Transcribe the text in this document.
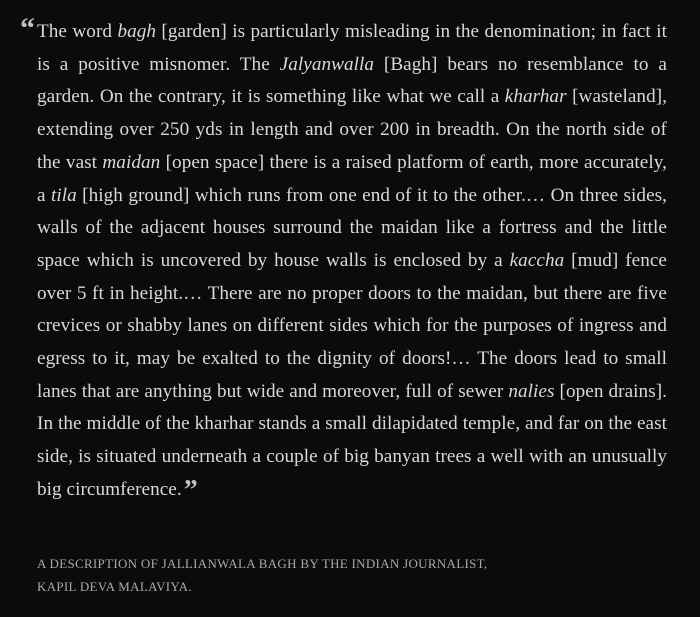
“ The word bagh [garden] is particularly misleading in the denomination; in fact it is a positive misnomer. The Jalyanwalla [Bagh] bears no resemblance to a garden. On the contrary, it is something like what we call a kharhar [wasteland], extending over 250 yds in length and over 200 in breadth. On the north side of the vast maidan [open space] there is a raised platform of earth, more accurately, a tila [high ground] which runs from one end of it to the other.… On three sides, walls of the adjacent houses surround the maidan like a fortress and the little space which is uncovered by house walls is enclosed by a kaccha [mud] fence over 5 ft in height.… There are no proper doors to the maidan, but there are five crevices or shabby lanes on different sides which for the purposes of ingress and egress to it, may be exalted to the dignity of doors!… The doors lead to small lanes that are anything but wide and moreover, full of sewer nalies [open drains]. In the middle of the kharhar stands a small dilapidated temple, and far on the east side, is situated underneath a couple of big banyan trees a well with an unusually big circumference.”

A DESCRIPTION OF JALLIANWALA BAGH BY THE INDIAN JOURNALIST,
KAPIL DEVA MALAVIYA.
